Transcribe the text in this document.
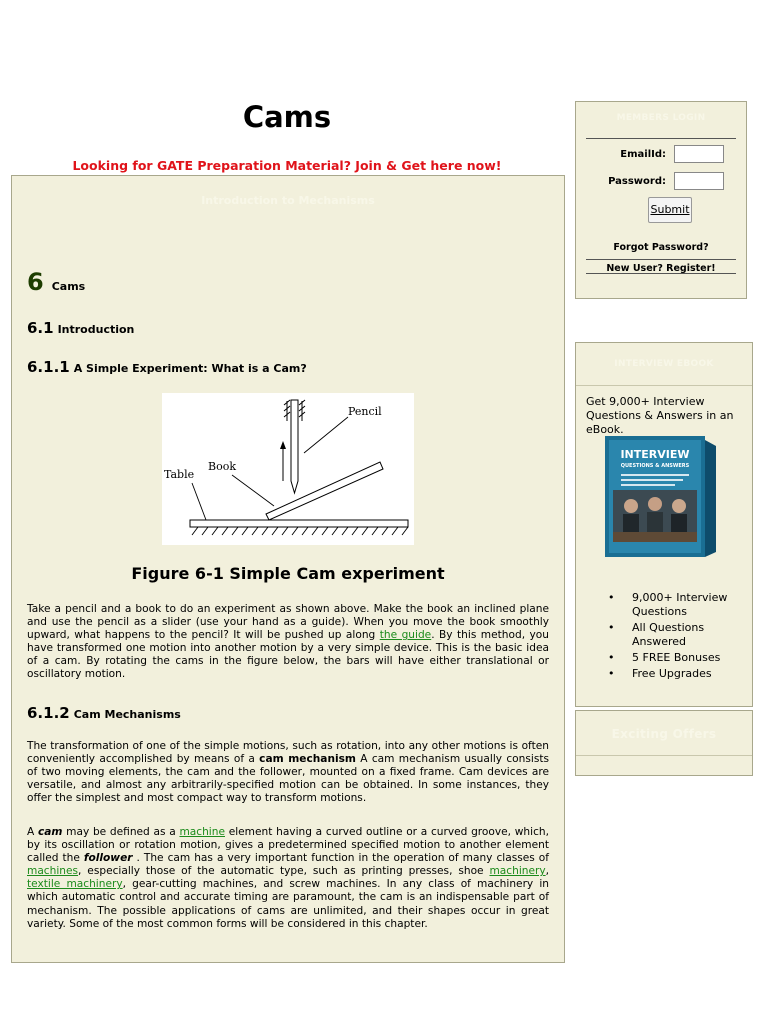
Cams
Looking for GATE Preparation Material? Join & Get here now!
Introduction to Mechanisms
6 Cams
6.1 Introduction
6.1.1 A Simple Experiment: What is a Cam?
Pencil
Book
Table
Figure 6-1 Simple Cam experiment

Take a pencil and a book to do an experiment as shown above. Make the book an inclined plane and use the pencil as a slider (use your hand as a guide). When you move the book smoothly upward, what happens to the pencil? It will be pushed up along the guide. By this method, you have transformed one motion into another motion by a very simple device. This is the basic idea of a cam. By rotating the cams in the figure below, the bars will have either translational or oscillatory motion.

6.1.2 Cam Mechanisms

The transformation of one of the simple motions, such as rotation, into any other motions is often conveniently accomplished by means of a cam mechanism A cam mechanism usually consists of two moving elements, the cam and the follower, mounted on a fixed frame. Cam devices are versatile, and almost any arbitrarily-specified motion can be obtained. In some instances, they offer the simplest and most compact way to transform motions.

A cam may be defined as a machine element having a curved outline or a curved groove, which, by its oscillation or rotation motion, gives a predetermined specified motion to another element called the follower . The cam has a very important function in the operation of many classes of machines, especially those of the automatic type, such as printing presses, shoe machinery, textile machinery, gear-cutting machines, and screw machines. In any class of machinery in which automatic control and accurate timing are paramount, the cam is an indispensable part of mechanism. The possible applications of cams are unlimited, and their shapes occur in great variety. Some of the most common forms will be considered in this chapter.

MEMBERS LOGIN
EmailId:
Password:
Submit
Forgot Password?
New User? Register!
INTERVIEW EBOOK
Get 9,000+ Interview Questions & Answers in an eBook.
INTERVIEW
QUESTIONS & ANSWERS
• 9,000+ Interview Questions
• All Questions Answered
• 5 FREE Bonuses
• Free Upgrades
Exciting Offers
